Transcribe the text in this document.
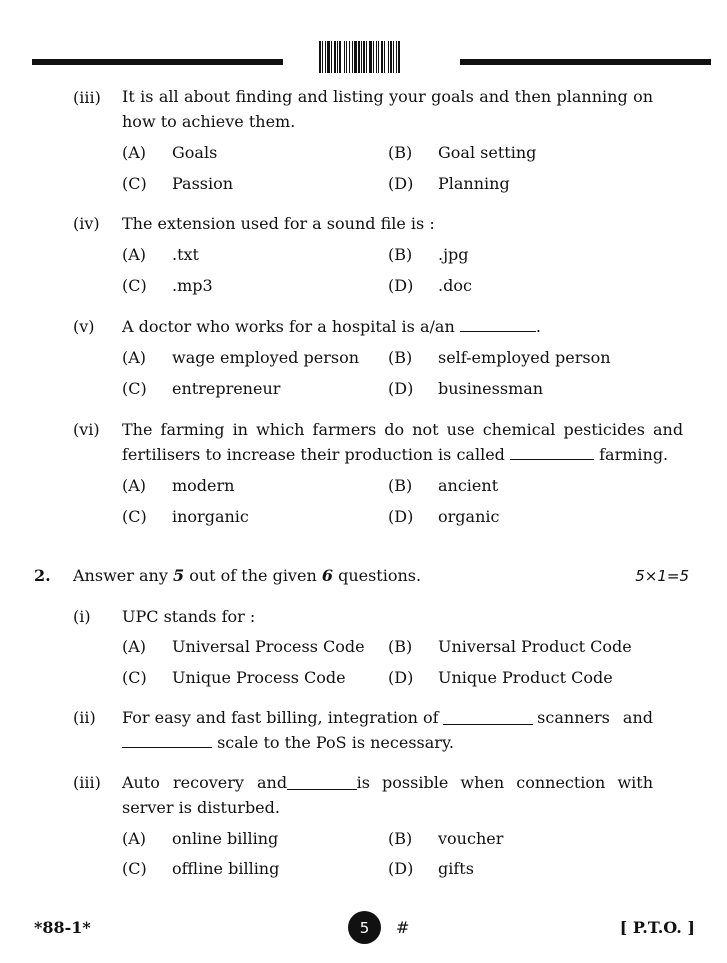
(iii) It is all about finding and listing your goals and then planning on how to achieve them.
(A) Goals	(B) Goal setting
(C) Passion	(D) Planning
(iv) The extension used for a sound file is :
(A) .txt	(B) .jpg
(C) .mp3	(D) .doc
(v) A doctor who works for a hospital is a/an	.
(A) wage employed person (B) self-employed person
(C) entrepreneur	(D) businessman
(vi) The farming in which farmers do not use chemical pesticides and
fertilisers to increase their production is called	farming.
(A) modern	(B) ancient
(C) inorganic	(D) organic
2. Answer any 5 out of the given 6 questions.	5×1=5
(i) UPC stands for :
(A) Universal Process Code (B) Universal Product Code
(C) Unique Process Code	(D) Unique Product Code
(ii) For easy and fast billing, integration of	scanners and
scale to the PoS is necessary.
(iii) Auto recovery and	is possible when connection with
server is disturbed.
(A) online billing	(B) voucher
(C) offline billing	(D) gifts
*88-1*	5	#	[ P.T.O. ]
